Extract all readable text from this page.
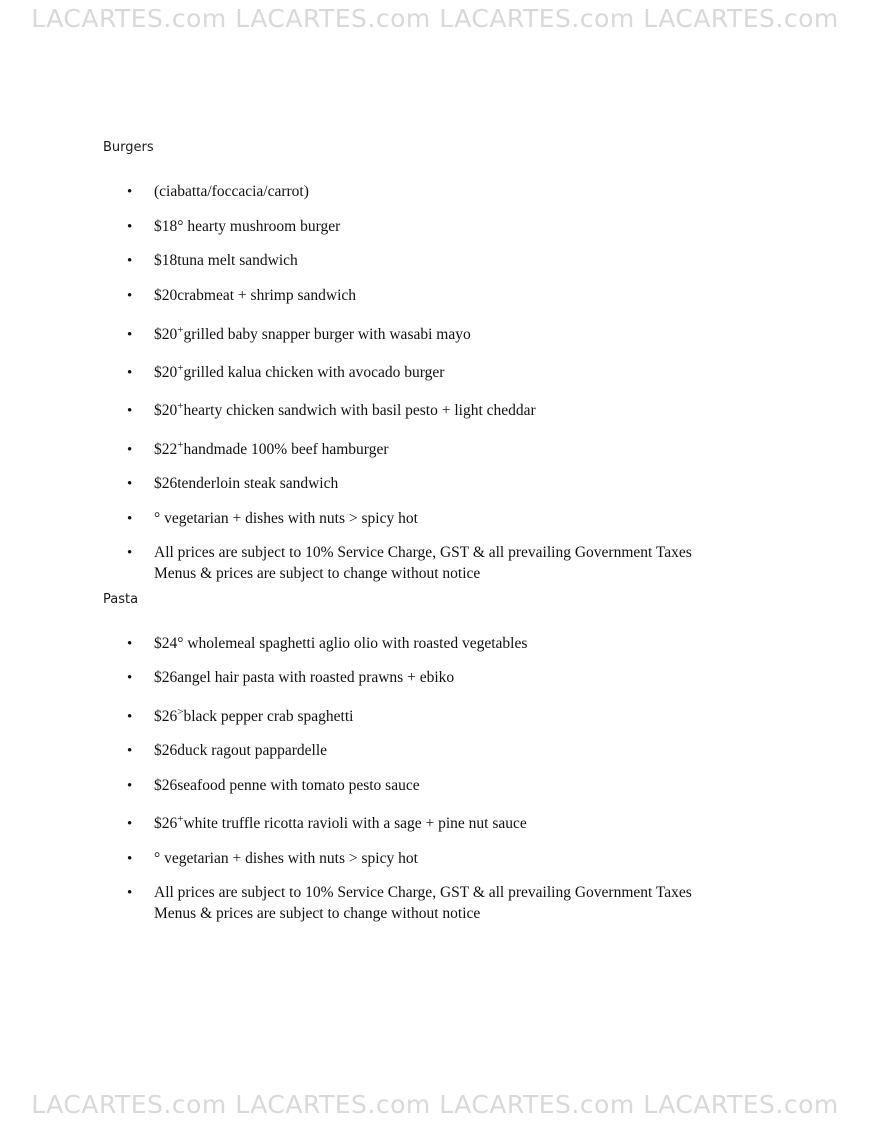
LACARTES.com LACARTES.com LACARTES.com LACARTES.com
Burgers
• (ciabatta/foccacia/carrot)
• $18° hearty mushroom burger
• $18tuna melt sandwich
• $20crabmeat + shrimp sandwich
• $20+grilled baby snapper burger with wasabi mayo
• $20+grilled kalua chicken with avocado burger
• $20+hearty chicken sandwich with basil pesto + light cheddar
• $22+handmade 100% beef hamburger
• $26tenderloin steak sandwich
• ° vegetarian + dishes with nuts > spicy hot
• All prices are subject to 10% Service Charge, GST & all prevailing Government Taxes
Menus & prices are subject to change without notice
Pasta
• $24° wholemeal spaghetti aglio olio with roasted vegetables
• $26angel hair pasta with roasted prawns + ebiko
• $26>black pepper crab spaghetti
• $26duck ragout pappardelle
• $26seafood penne with tomato pesto sauce
• $26+white truffle ricotta ravioli with a sage + pine nut sauce
• ° vegetarian + dishes with nuts > spicy hot
• All prices are subject to 10% Service Charge, GST & all prevailing Government Taxes
Menus & prices are subject to change without notice
LACARTES.com LACARTES.com LACARTES.com LACARTES.com
